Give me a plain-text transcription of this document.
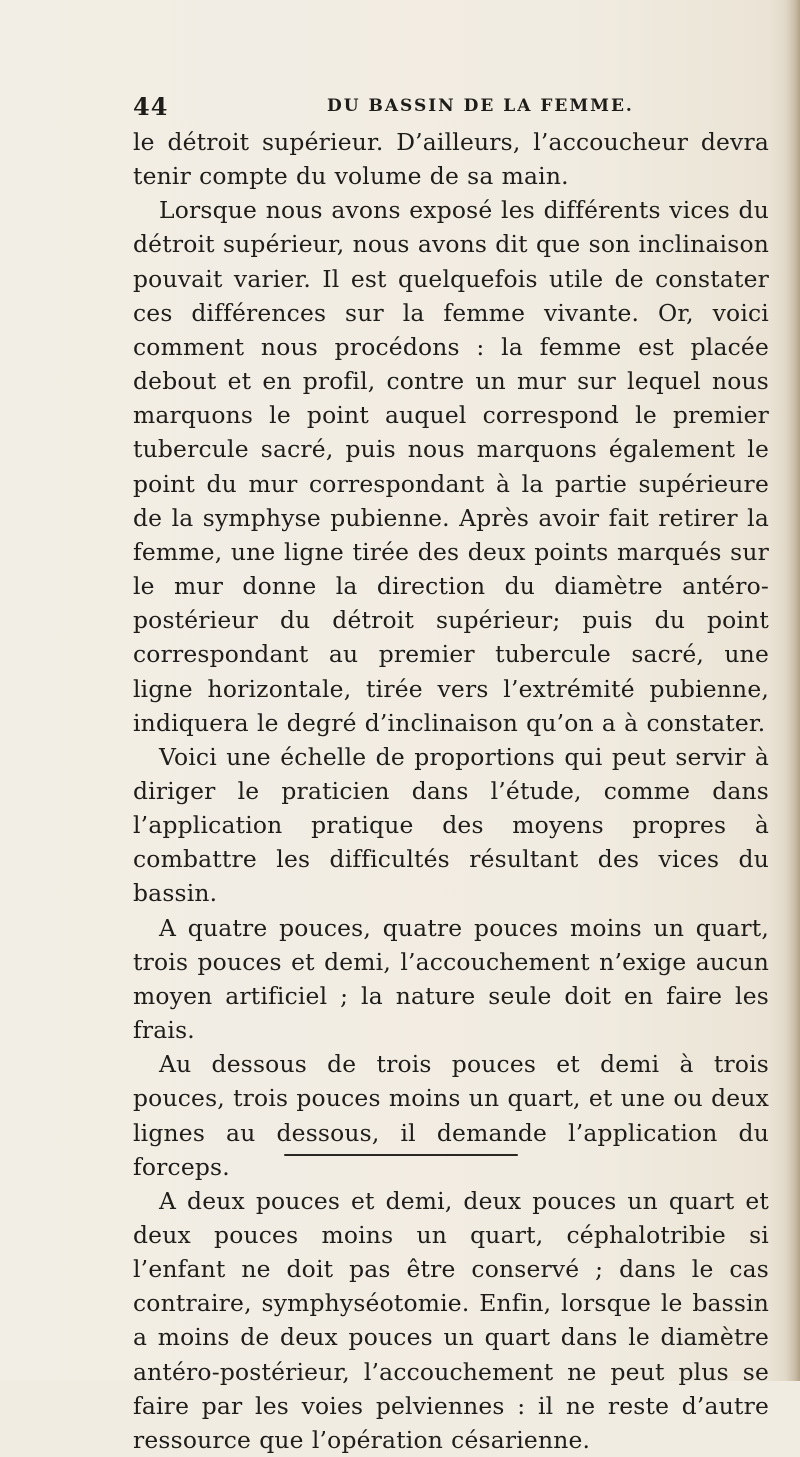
44	DU BASSIN DE LA FEMME.

le détroit supérieur. D’ailleurs, l’accoucheur devra tenir compte du volume de sa main.

Lorsque nous avons exposé les différents vices du détroit supérieur, nous avons dit que son inclinaison pouvait varier. Il est quelquefois utile de constater ces différences sur la femme vivante. Or, voici comment nous procédons : la femme est placée debout et en profil, contre un mur sur lequel nous marquons le point auquel correspond le premier tubercule sacré, puis nous marquons également le point du mur correspondant à la partie supérieure de la symphyse pubienne. Après avoir fait retirer la femme, une ligne tirée des deux points marqués sur le mur donne la direction du diamètre antéro-postérieur du détroit supérieur; puis du point correspondant au premier tubercule sacré, une ligne horizontale, tirée vers l’extrémité pubienne, indiquera le degré d’inclinaison qu’on a à constater.

Voici une échelle de proportions qui peut servir à diriger le praticien dans l’étude, comme dans l’application pratique des moyens propres à combattre les difficultés résultant des vices du bassin.

A quatre pouces, quatre pouces moins un quart, trois pouces et demi, l’accouchement n’exige aucun moyen artificiel ; la nature seule doit en faire les frais.

Au dessous de trois pouces et demi à trois pouces, trois pouces moins un quart, et une ou deux lignes au dessous, il demande l’application du forceps.

A deux pouces et demi, deux pouces un quart et deux pouces moins un quart, céphalotribie si l’enfant ne doit pas être conservé ; dans le cas contraire, symphyséotomie. Enfin, lorsque le bassin a moins de deux pouces un quart dans le diamètre antéro-postérieur, l’accouchement ne peut plus se faire par les voies pelviennes : il ne reste d’autre ressource que l’opération césarienne.
